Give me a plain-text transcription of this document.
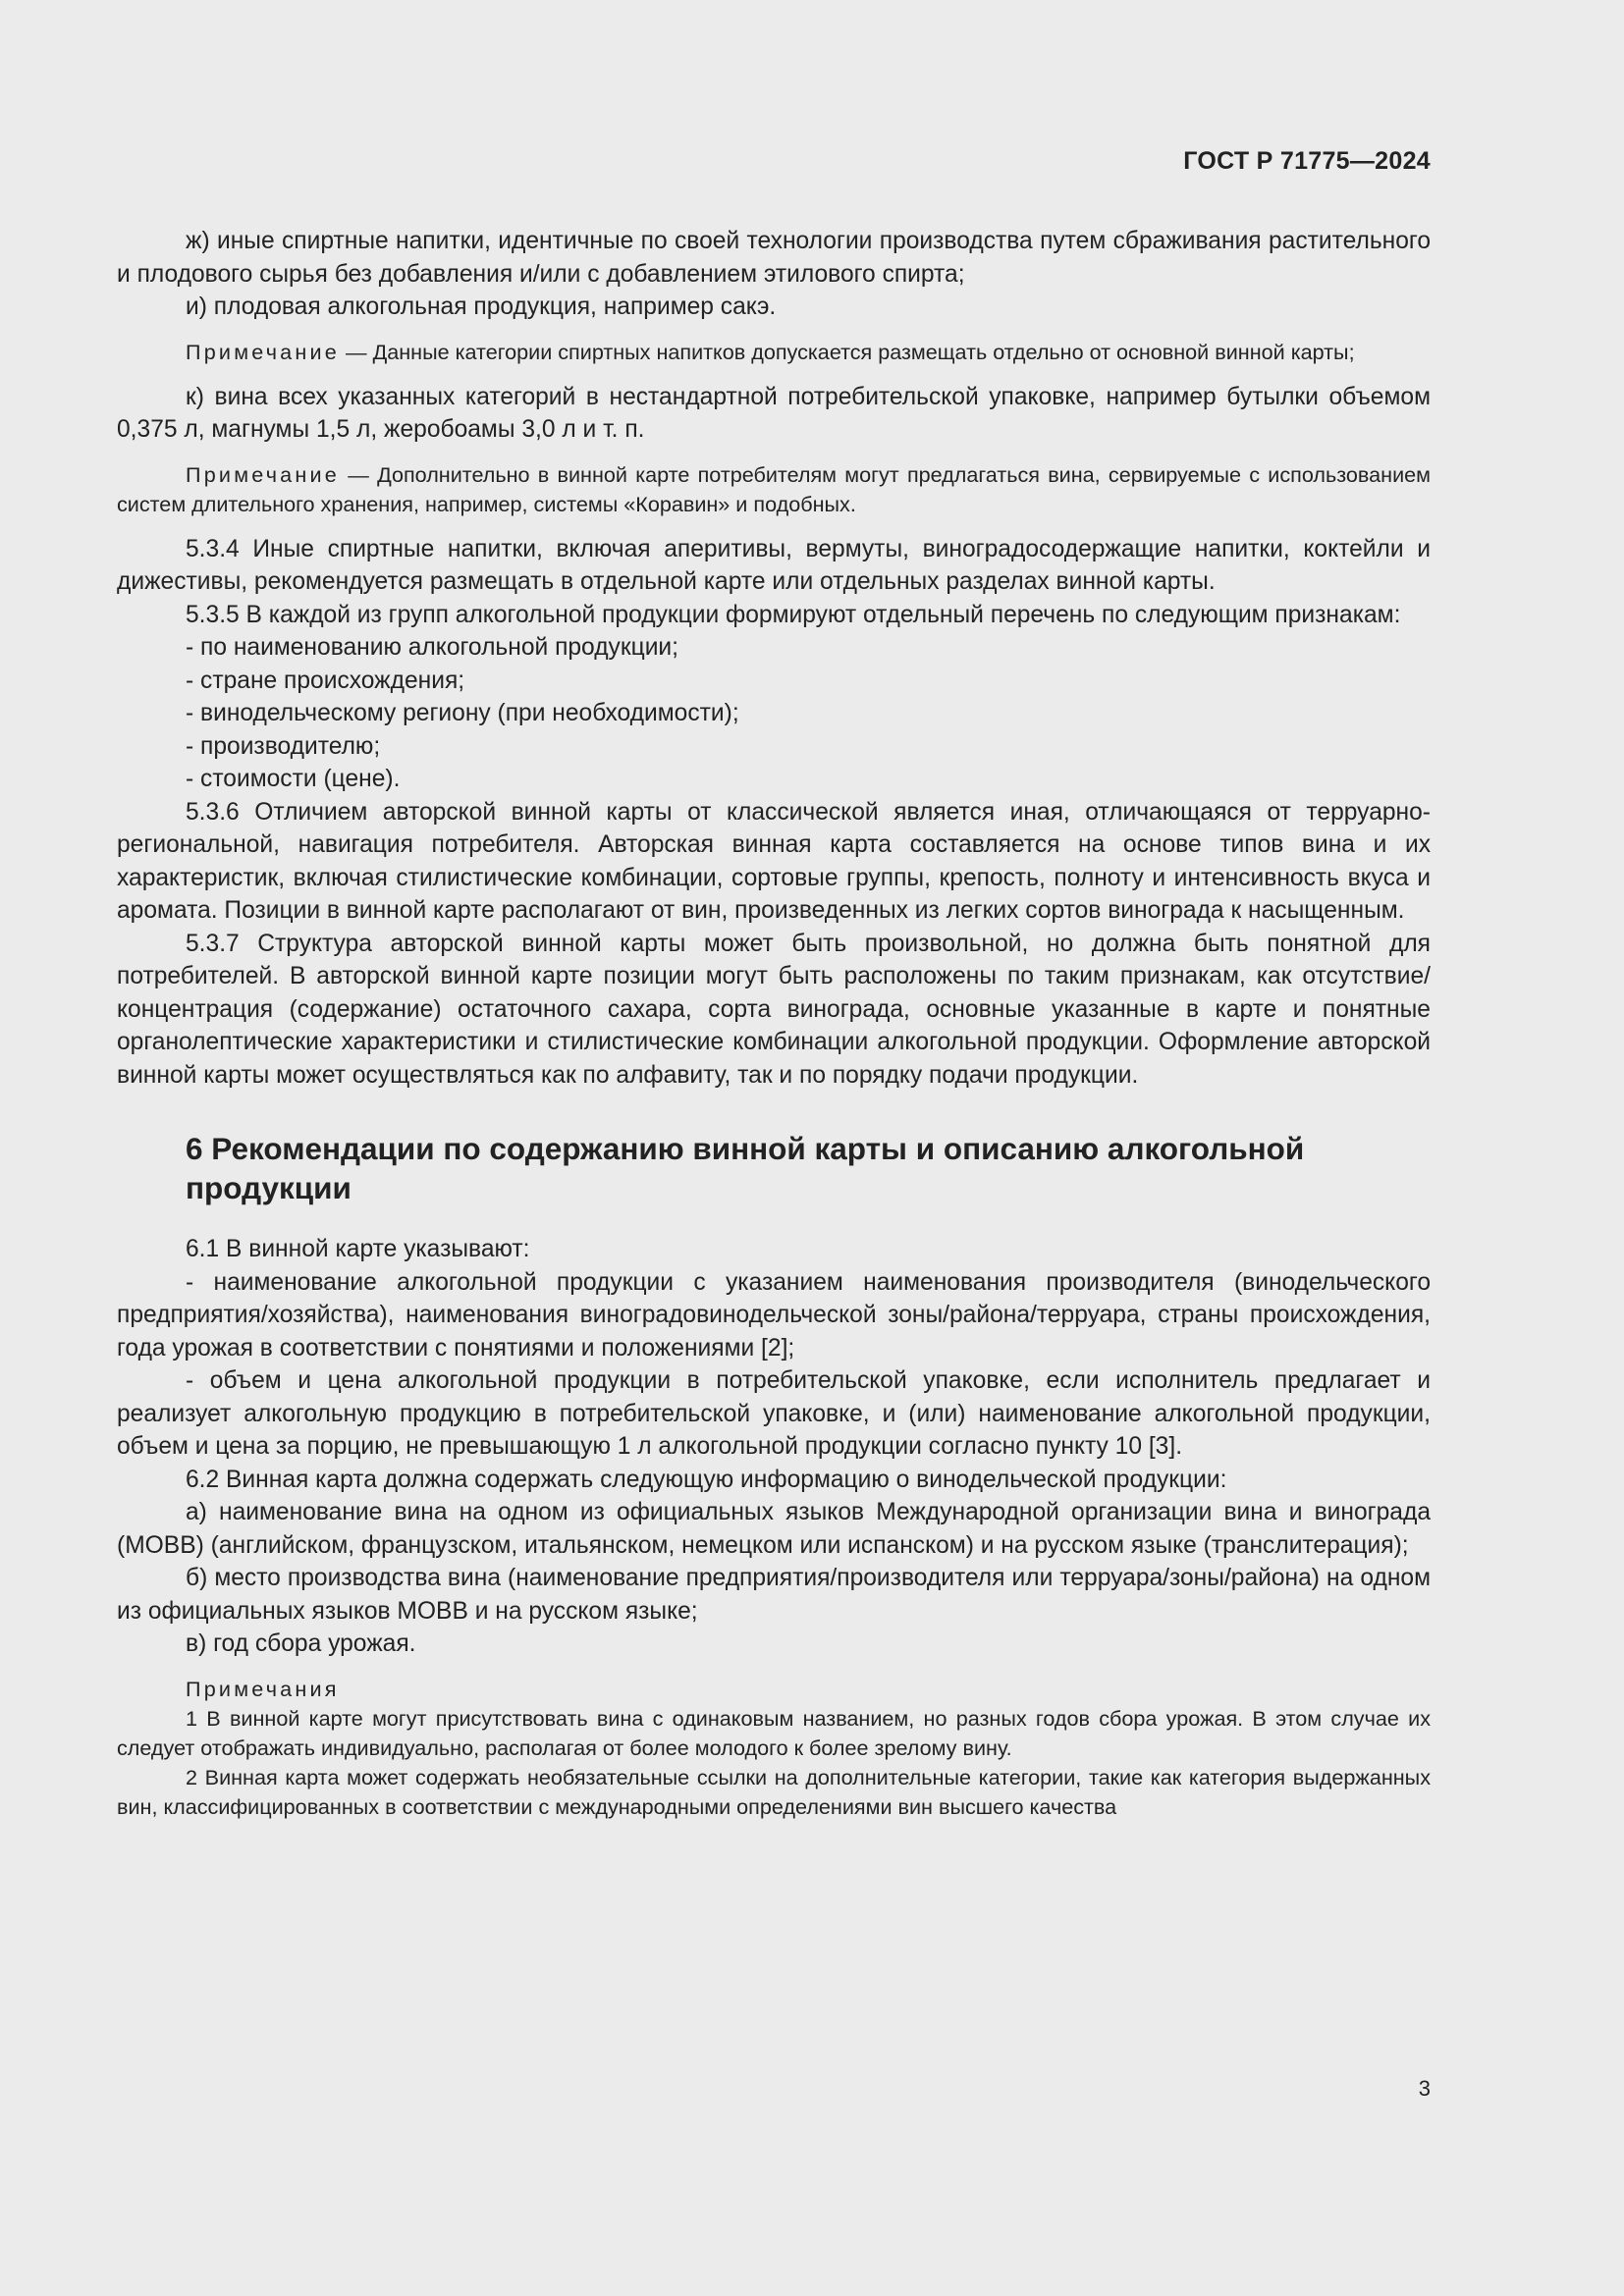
ГОСТ Р 71775—2024

ж) иные спиртные напитки, идентичные по своей технологии производства путем сбраживания растительного и плодового сырья без добавления и/или с добавлением этилового спирта;

и) плодовая алкогольная продукция, например сакэ.

Примечание — Данные категории спиртных напитков допускается размещать отдельно от основной винной карты;

к) вина всех указанных категорий в нестандартной потребительской упаковке, например бутылки объемом 0,375 л, магнумы 1,5 л, жеробоамы 3,0 л и т. п.

Примечание — Дополнительно в винной карте потребителям могут предлагаться вина, сервируемые с использованием систем длительного хранения, например, системы «Коравин» и подобных.

5.3.4 Иные спиртные напитки, включая аперитивы, вермуты, виноградосодержащие напитки, коктейли и дижестивы, рекомендуется размещать в отдельной карте или отдельных разделах винной карты.

5.3.5 В каждой из групп алкогольной продукции формируют отдельный перечень по следующим признакам:

- по наименованию алкогольной продукции;

- стране происхождения;

- винодельческому региону (при необходимости);

- производителю;

- стоимости (цене).

5.3.6 Отличием авторской винной карты от классической является иная, отличающаяся от терруарно-региональной, навигация потребителя. Авторская винная карта составляется на основе типов вина и их характеристик, включая стилистические комбинации, сортовые группы, крепость, полноту и интенсивность вкуса и аромата. Позиции в винной карте располагают от вин, произведенных из легких сортов винограда к насыщенным.

5.3.7 Структура авторской винной карты может быть произвольной, но должна быть понятной для потребителей. В авторской винной карте позиции могут быть расположены по таким признакам, как отсутствие/концентрация (содержание) остаточного сахара, сорта винограда, основные указанные в карте и понятные органолептические характеристики и стилистические комбинации алкогольной продукции. Оформление авторской винной карты может осуществляться как по алфавиту, так и по порядку подачи продукции.

6 Рекомендации по содержанию винной карты и описанию алкогольной продукции

6.1 В винной карте указывают:

- наименование алкогольной продукции с указанием наименования производителя (винодельческого предприятия/хозяйства), наименования виноградовинодельческой зоны/района/терруара, страны происхождения, года урожая в соответствии с понятиями и положениями [2];

- объем и цена алкогольной продукции в потребительской упаковке, если исполнитель предлагает и реализует алкогольную продукцию в потребительской упаковке, и (или) наименование алкогольной продукции, объем и цена за порцию, не превышающую 1 л алкогольной продукции согласно пункту 10 [3].

6.2 Винная карта должна содержать следующую информацию о винодельческой продукции:

а) наименование вина на одном из официальных языков Международной организации вина и винограда (МОВВ) (английском, французском, итальянском, немецком или испанском) и на русском языке (транслитерация);

б) место производства вина (наименование предприятия/производителя или терруара/зоны/района) на одном из официальных языков МОВВ и на русском языке;

в) год сбора урожая.

Примечания

1 В винной карте могут присутствовать вина с одинаковым названием, но разных годов сбора урожая. В этом случае их следует отображать индивидуально, располагая от более молодого к более зрелому вину.

2 Винная карта может содержать необязательные ссылки на дополнительные категории, такие как категория выдержанных вин, классифицированных в соответствии с международными определениями вин высшего качества

3
